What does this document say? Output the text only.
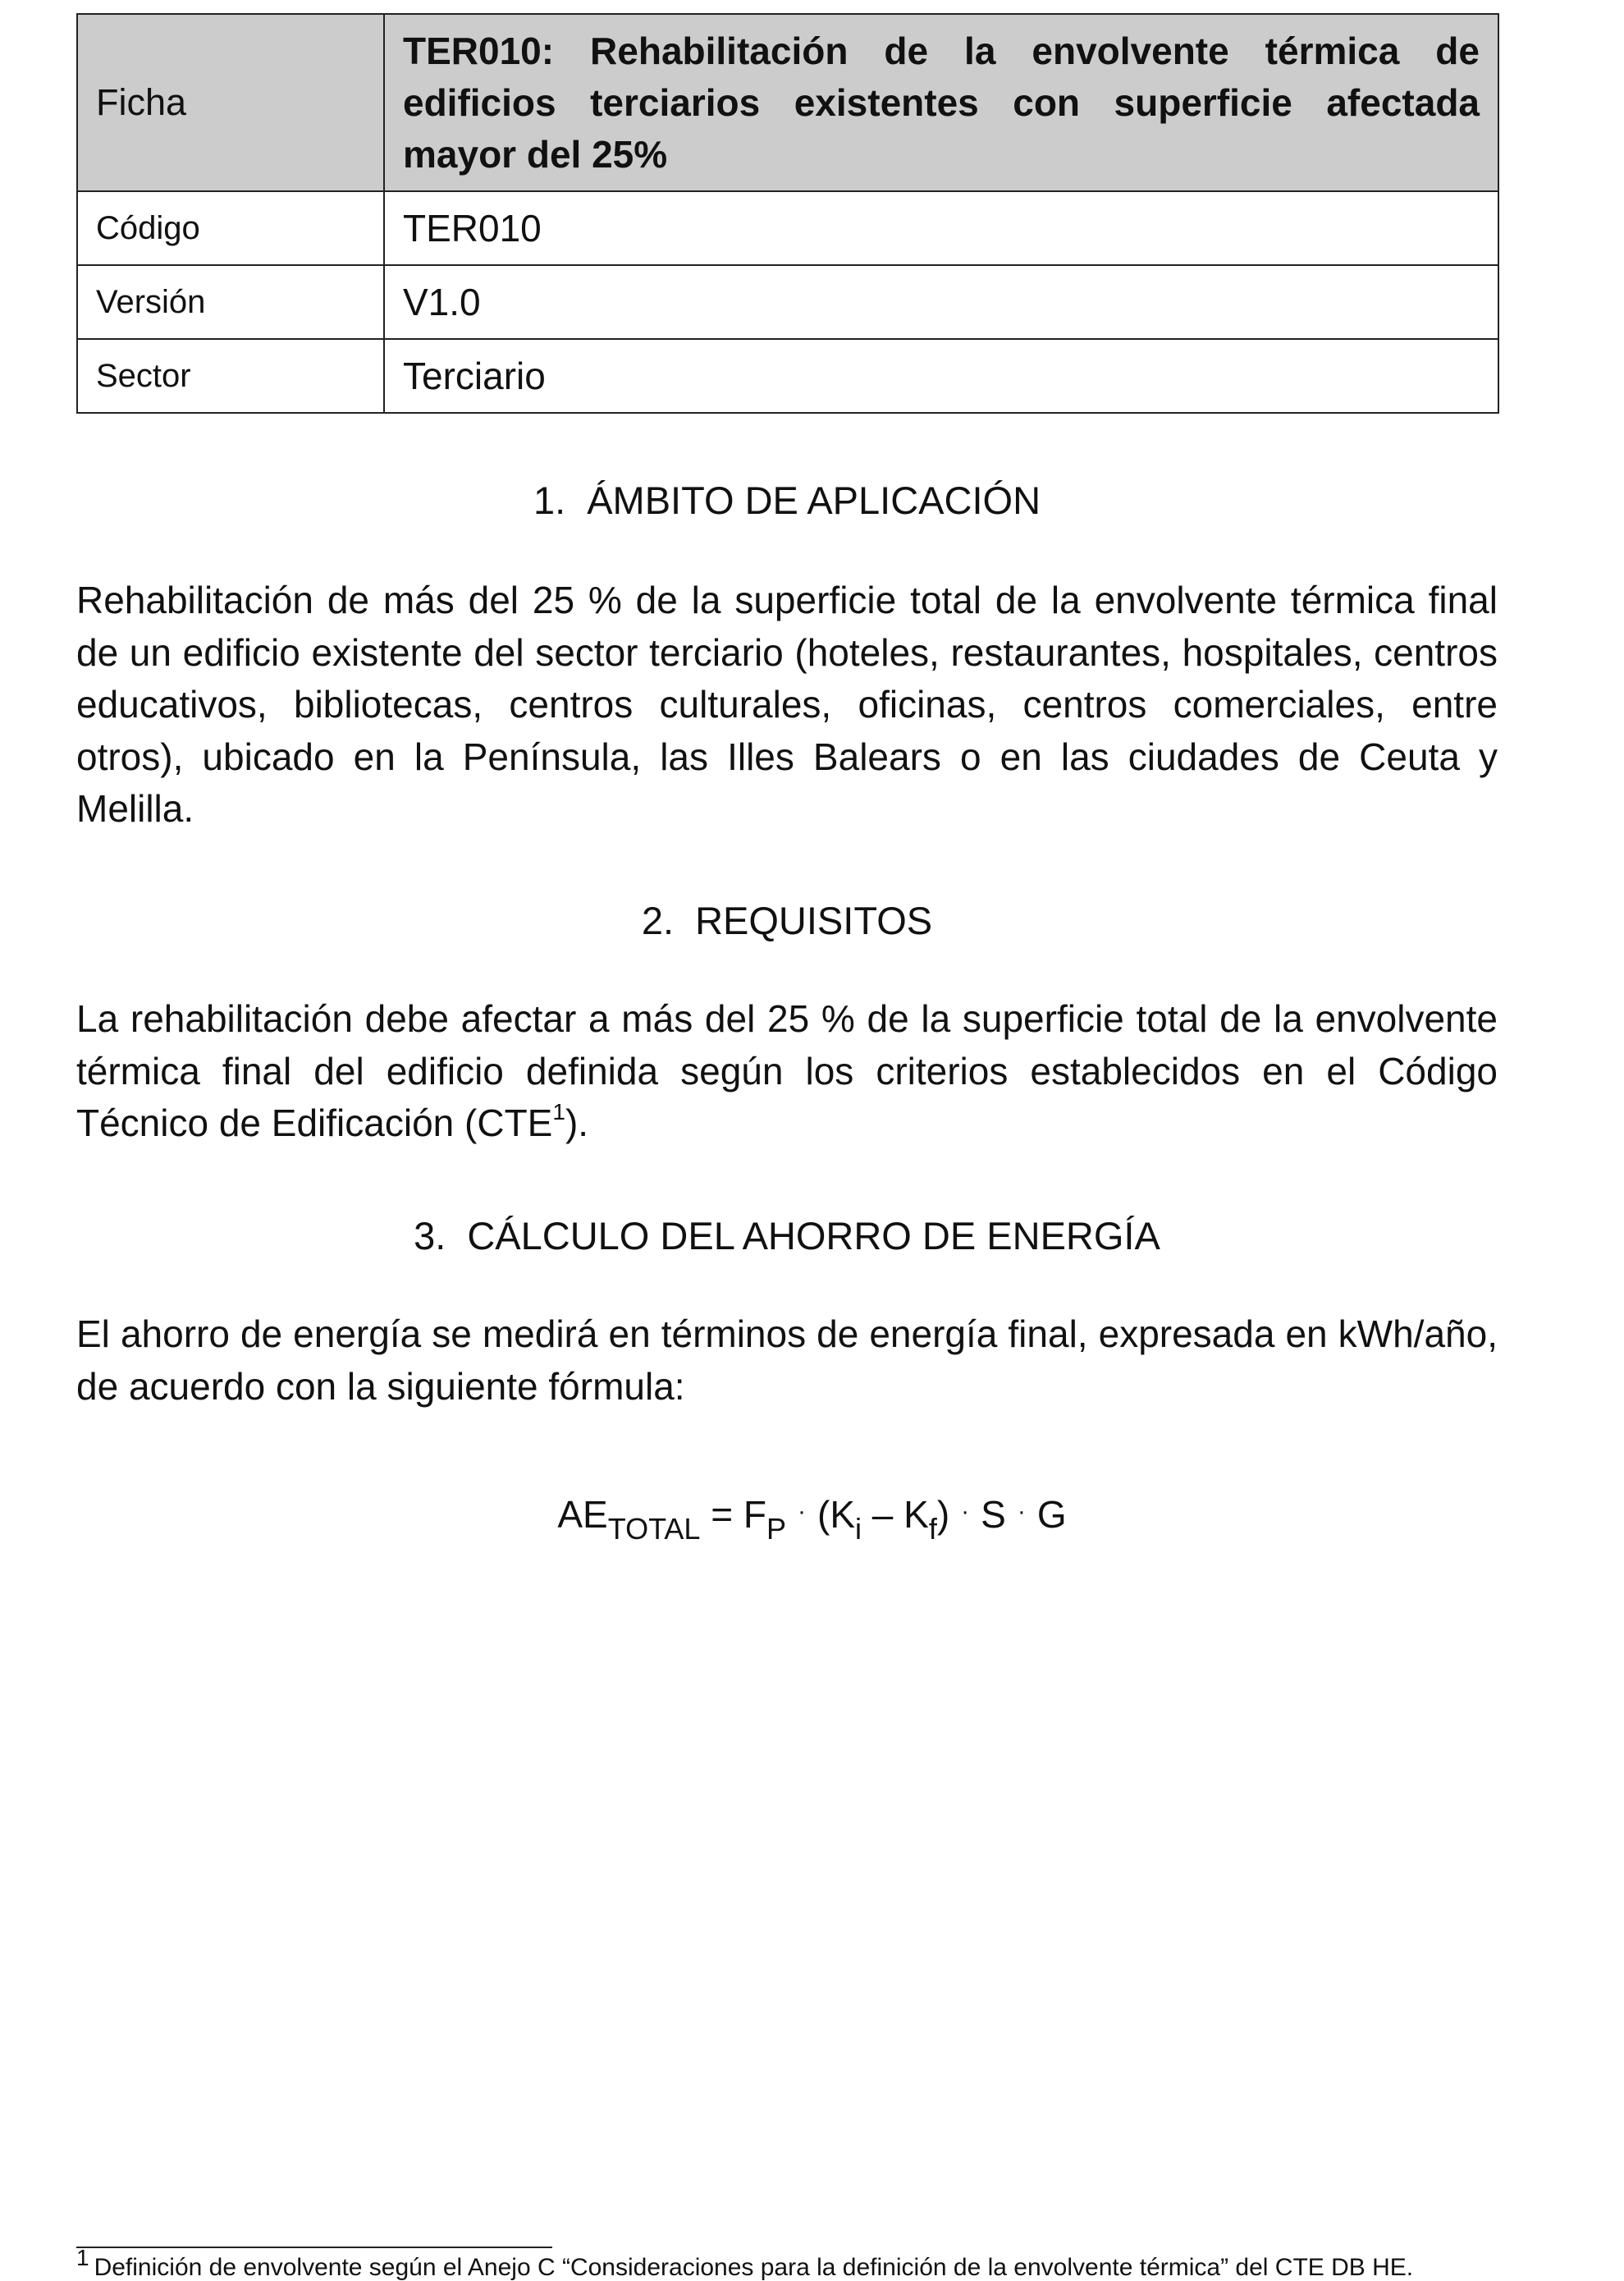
Ficha	TER010: Rehabilitación de la envolvente térmica de edificios terciarios existentes con superficie afectada mayor del 25%
Código	TER010
Versión	V1.0
Sector	Terciario
1. ÁMBITO DE APLICACIÓN

Rehabilitación de más del 25 % de la superficie total de la envolvente térmica final de un edificio existente del sector terciario (hoteles, restaurantes, hospitales, centros educativos, bibliotecas, centros culturales, oficinas, centros comerciales, entre otros), ubicado en la Península, las Illes Balears o en las ciudades de Ceuta y Melilla.

2. REQUISITOS

La rehabilitación debe afectar a más del 25 % de la superficie total de la envolvente térmica final del edificio definida según los criterios establecidos en el Código Técnico de Edificación (CTE$^1$).

3. CÁLCULO DEL AHORRO DE ENERGÍA

El ahorro de energía se medirá en términos de energía final, expresada en kWh/año, de acuerdo con la siguiente fórmula:

$AE_{TOTAL} = F_P^\cdot$ $(K_i - K_f)$ · S · G
1 Definición de envolvente según el Anejo C “Consideraciones para la definición de la envolvente térmica” del CTE DB HE.
